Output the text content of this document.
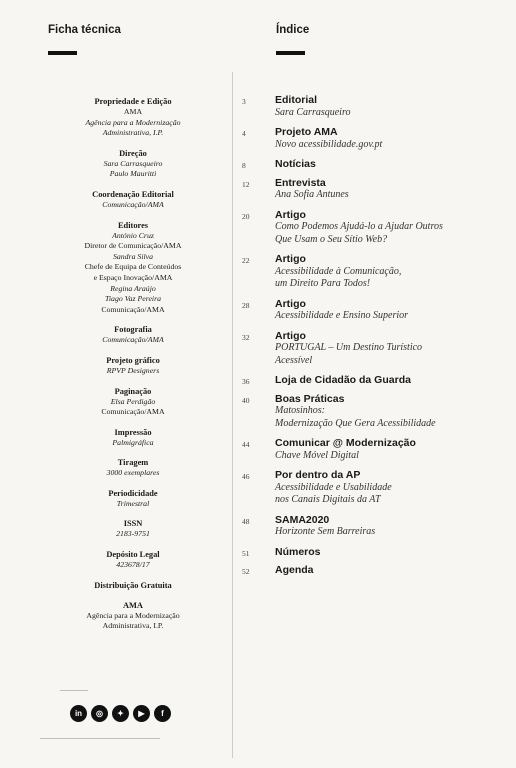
Ficha técnica	Índice
Propriedade e Edição
AMA
Agência para a Modernização
Administrativa, I.P.
Direção
Sara Carrasqueiro
Paulo Mauritti
Coordenação Editorial
Comunicação/AMA
Editores
António Cruz
Diretor de Comunicação/AMA
Sandra Silva
Chefe de Equipa de Conteúdos
e Espaço Inovação/AMA
Regina Araújo
Tiago Vaz Pereira
Comunicação/AMA
Fotografia
Comunicação/AMA
Projeto gráfico
RPVP Designers
Paginação
Elsa Perdigão
Comunicação/AMA
Impressão
Palmigráfica
Tiragem
3000 exemplares
Periodicidade
Trimestral
ISSN
2183-9751
Depósito Legal
423678/17
Distribuição Gratuita
AMA
Agência para a Modernização
Administrativa, I.P.
in	◎	✦	▶	f
3	Editorial
Sara Carrasqueiro
4	Projeto AMA
Novo acessibilidade.gov.pt
8	Notícias
12 Entrevista
Ana Sofia Antunes
20 Artigo
Como Podemos Ajudá-lo a Ajudar Outros
Que Usam o Seu Sítio Web?
22 Artigo
Acessibilidade à Comunicação,
um Direito Para Todos!
28 Artigo
Acessibilidade e Ensino Superior
32 Artigo
PORTUGAL – Um Destino Turístico
Acessível
36 Loja de Cidadão da Guarda
40 Boas Práticas
Matosinhos:
Modernização Que Gera Acessibilidade
44 Comunicar @ Modernização
Chave Móvel Digital
46 Por dentro da AP
Acessibilidade e Usabilidade
nos Canais Digitais da AT
48 SAMA2020
Horizonte Sem Barreiras
51 Números
52 Agenda
